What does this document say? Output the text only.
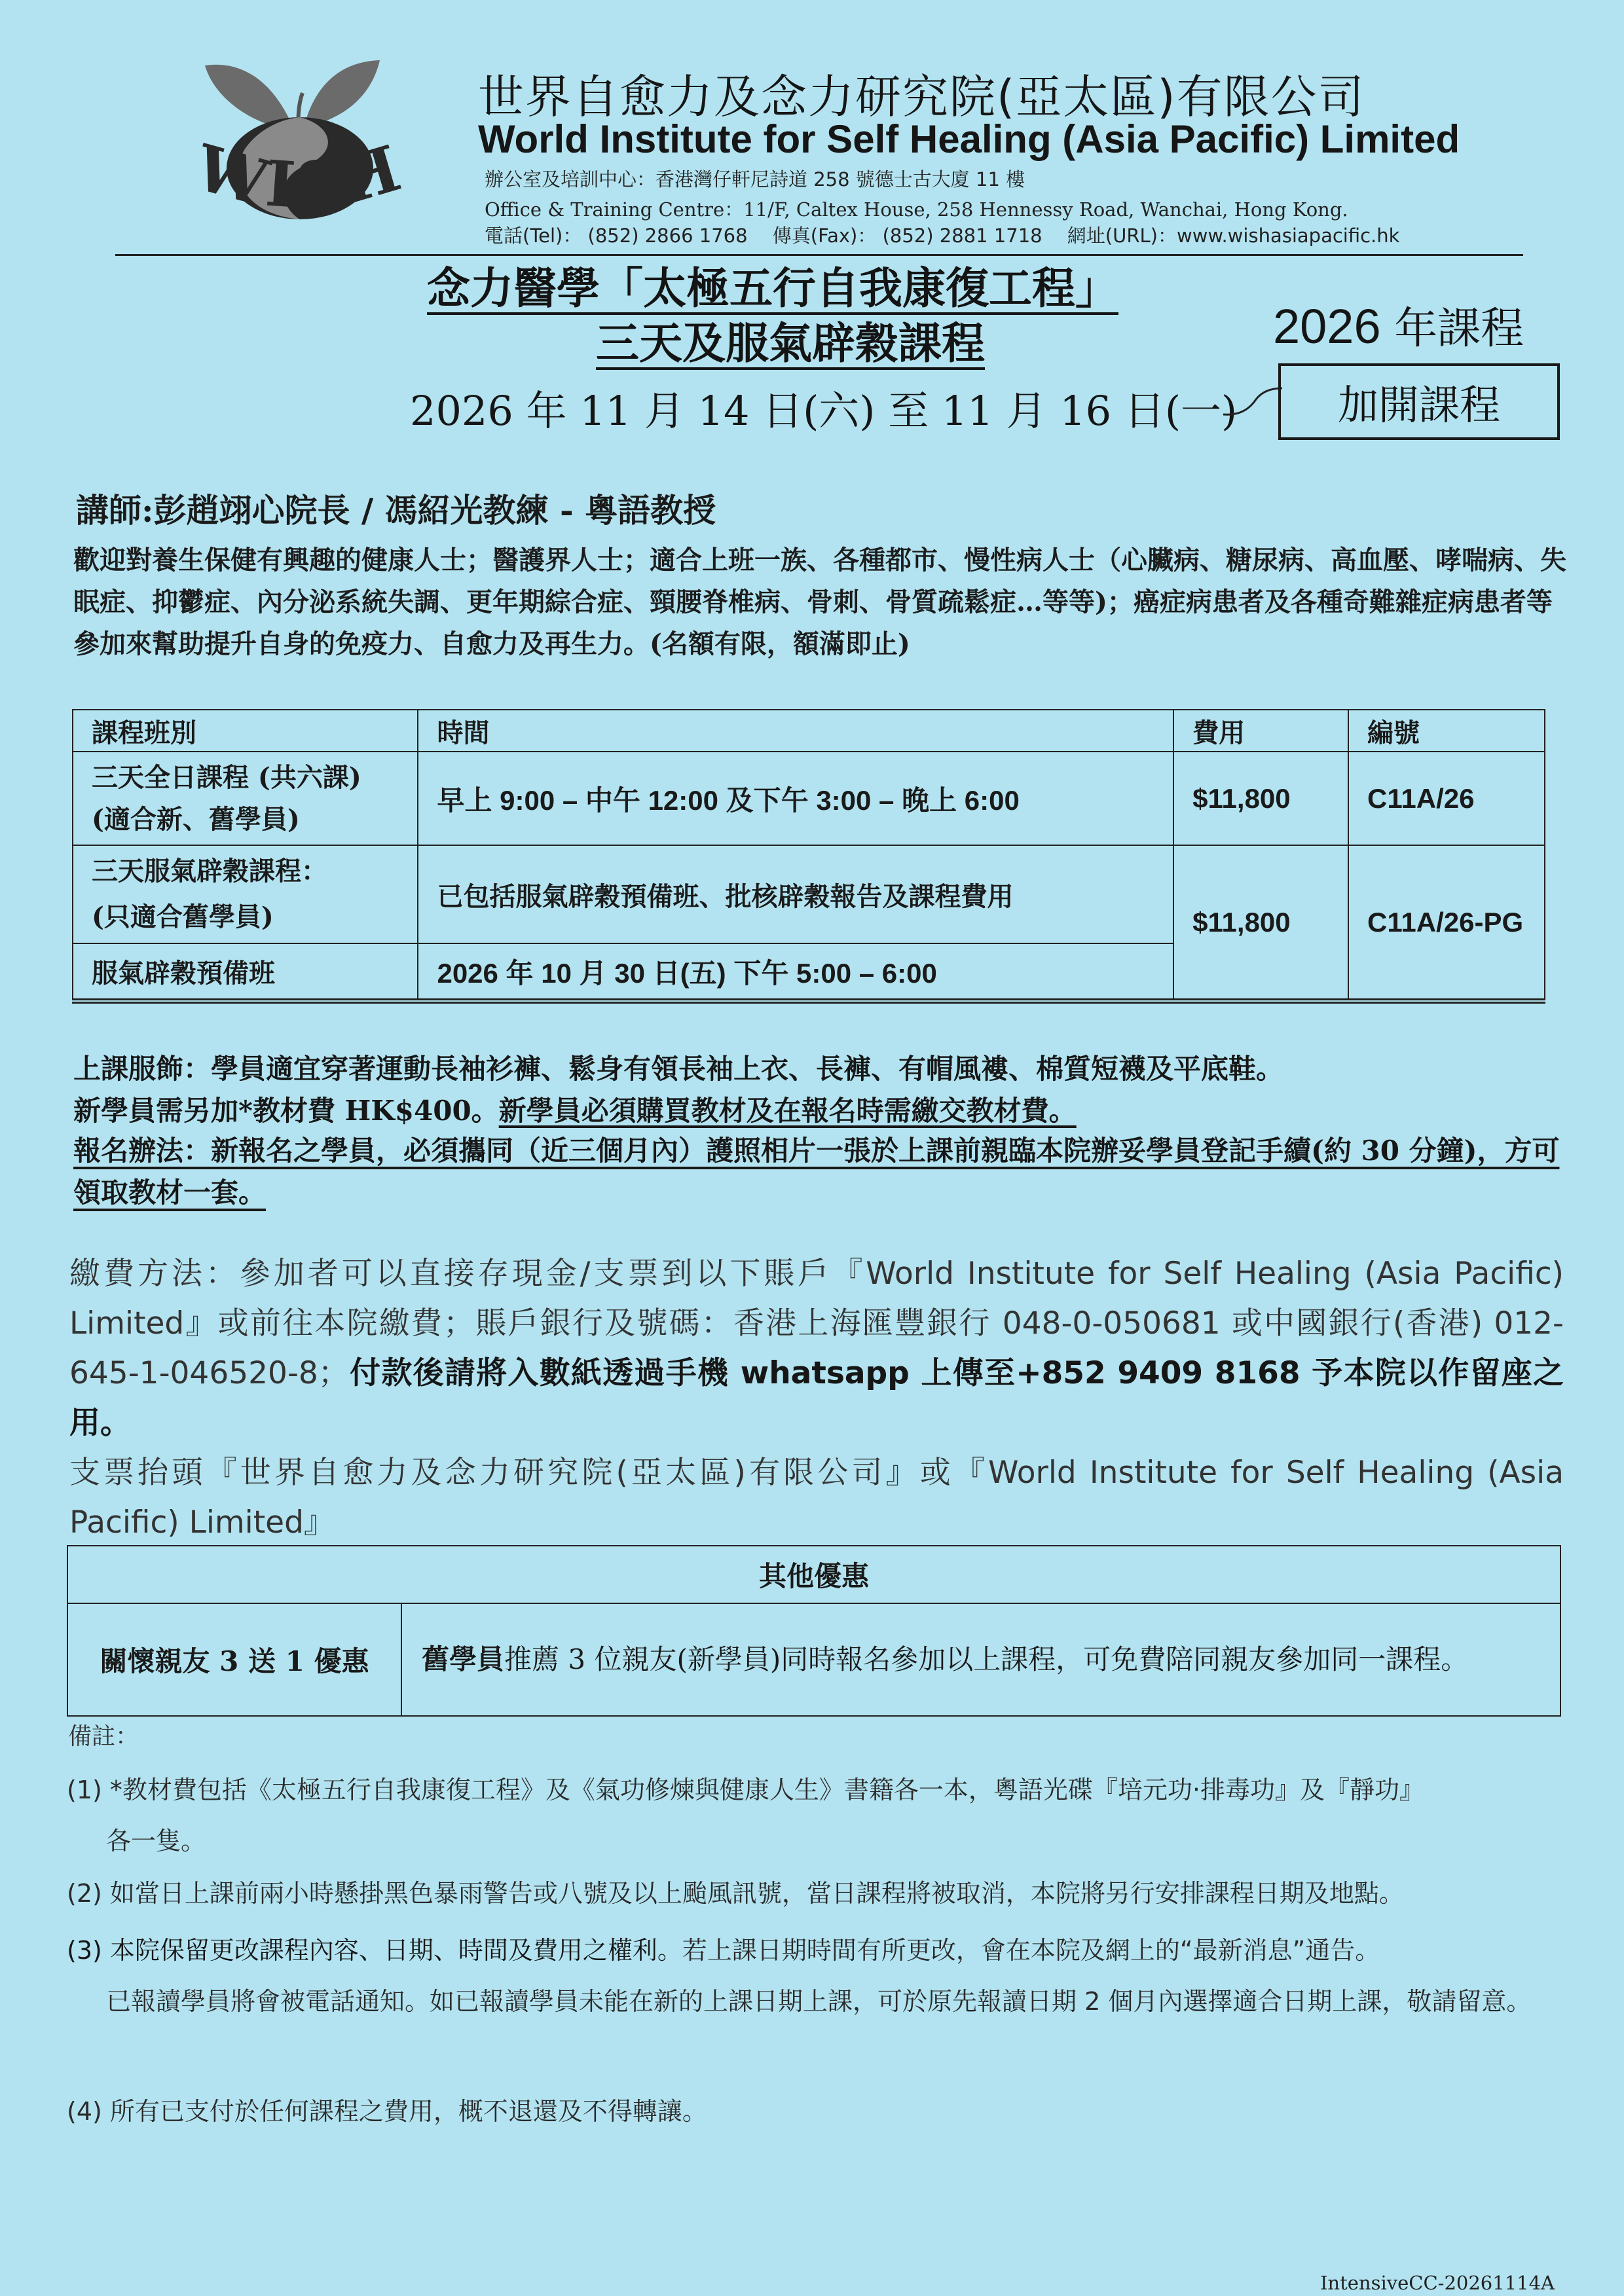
WISH
世界自愈力及念力研究院(亞太區)有限公司
World Institute for Self Healing (Asia Pacific) Limited
辦公室及培訓中心：香港灣仔軒尼詩道 258 號德士古大廈 11 樓
Office & Training Centre：11/F, Caltex House, 258 Hennessy Road, Wanchai, Hong Kong.
電話(Tel)： (852) 2866 1768　 傳真(Fax)： (852) 2881 1718　 網址(URL)：www.wishasiapacific.hk
念力醫學「太極五行自我康復工程」
三天及服氣辟穀課程	2026 年課程
2026 年 11 月 14 日(六) 至 11 月 16 日(一)	加開課程
講師:彭趙翊心院長 / 馮紹光教練 - 粵語教授
歡迎對養生保健有興趣的健康人士；醫護界人士；適合上班一族、各種都市、慢性病人士（心臟病、糖尿病、高血壓、哮喘病、失眠症、抑鬱症、內分泌系統失調、更年期綜合症、頸腰脊椎病、骨刺、骨質疏鬆症…等等)；癌症病患者及各種奇難雜症病患者等參加來幫助提升自身的免疫力、自愈力及再生力。(名額有限，額滿即止)
課程班別	時間	費用	編號

三天全日課程 (共六課)
(適合新、舊學員)	早上 9:00 – 中午 12:00 及下午 3:00 – 晚上 6:00	$11,800	C11A/26

三天服氣辟穀課程：
(只適合舊學員)	已包括服氣辟穀預備班、批核辟穀報告及課程費用	$11,800	C11A/26-PG
服氣辟穀預備班	2026 年 10 月 30 日(五) 下午 5:00 – 6:00		
上課服飾：學員適宜穿著運動長袖衫褲、鬆身有領長袖上衣、長褲、有帽風褸、棉質短襪及平底鞋。
新學員需另加*教材費 HK$400。新學員必須購買教材及在報名時需繳交教材費。
報名辦法：新報名之學員，必須攜同（近三個月內）護照相片一張於上課前親臨本院辦妥學員登記手續(約 30 分鐘)，方可領取教材一套。
繳費方法：參加者可以直接存現金/支票到以下賬戶『World Institute for Self Healing (Asia Pacific) Limited』或前往本院繳費；賬戶銀行及號碼：香港上海匯豐銀行 048-0-050681 或中國銀行(香港) 012-645-1-046520-8；付款後請將入數紙透過手機 whatsapp 上傳至+852 9409 8168 予本院以作留座之用。
支票抬頭『世界自愈力及念力研究院(亞太區)有限公司』或『World Institute for Self Healing (Asia Pacific) Limited』
其他優惠
關懷親友 3 送 1 優惠	舊學員推薦 3 位親友(新學員)同時報名參加以上課程，可免費陪同親友參加同一課程。
備註：
(1) *教材費包括《太極五行自我康復工程》及《氣功修煉與健康人生》書籍各一本，粵語光碟『培元功‧排毒功』及『靜功』
各一隻。
(2) 如當日上課前兩小時懸掛黑色暴雨警告或八號及以上颱風訊號，當日課程將被取消，本院將另行安排課程日期及地點。
(3) 本院保留更改課程內容、日期、時間及費用之權利。若上課日期時間有所更改，會在本院及網上的“最新消息”通告。
已報讀學員將會被電話通知。如已報讀學員未能在新的上課日期上課，可於原先報讀日期 2 個月內選擇適合日期上課，敬請留意。
(4) 所有已支付於任何課程之費用，概不退還及不得轉讓。
IntensiveCC-20261114A
